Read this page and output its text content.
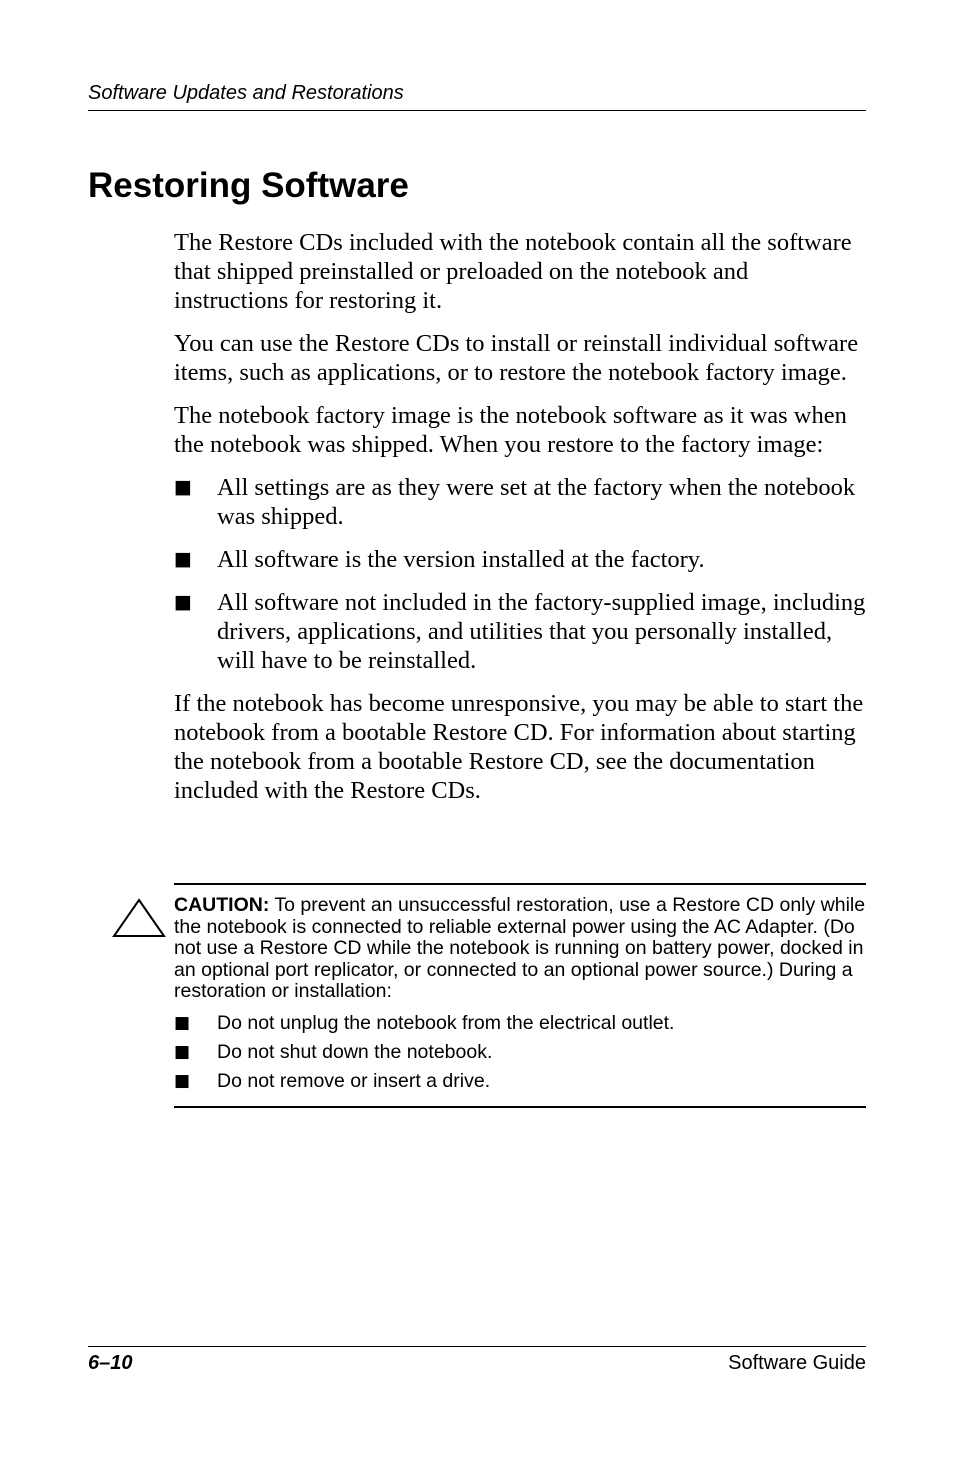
Software Updates and Restorations
Restoring Software

The Restore CDs included with the notebook contain all the software that shipped preinstalled or preloaded on the notebook and instructions for restoring it.

You can use the Restore CDs to install or reinstall individual software items, such as applications, or to restore the notebook factory image.

The notebook factory image is the notebook software as it was when the notebook was shipped. When you restore to the factory image:

■ All settings are as they were set at the factory when the notebook was shipped.
■ All software is the version installed at the factory.
■ All software not included in the factory-supplied image, including drivers, applications, and utilities that you personally installed, will have to be reinstalled.

If the notebook has become unresponsive, you may be able to start the notebook from a bootable Restore CD. For information about starting the notebook from a bootable Restore CD, see the documentation included with the Restore CDs.

CAUTION: To prevent an unsuccessful restoration, use a Restore CD only while the notebook is connected to reliable external power using the AC Adapter. (Do not use a Restore CD while the notebook is running on battery power, docked in an optional port replicator, or connected to an optional power source.) During a restoration or installation:

■ Do not unplug the notebook from the electrical outlet.
■ Do not shut down the notebook.
■ Do not remove or insert a drive.
6–10	Software Guide
